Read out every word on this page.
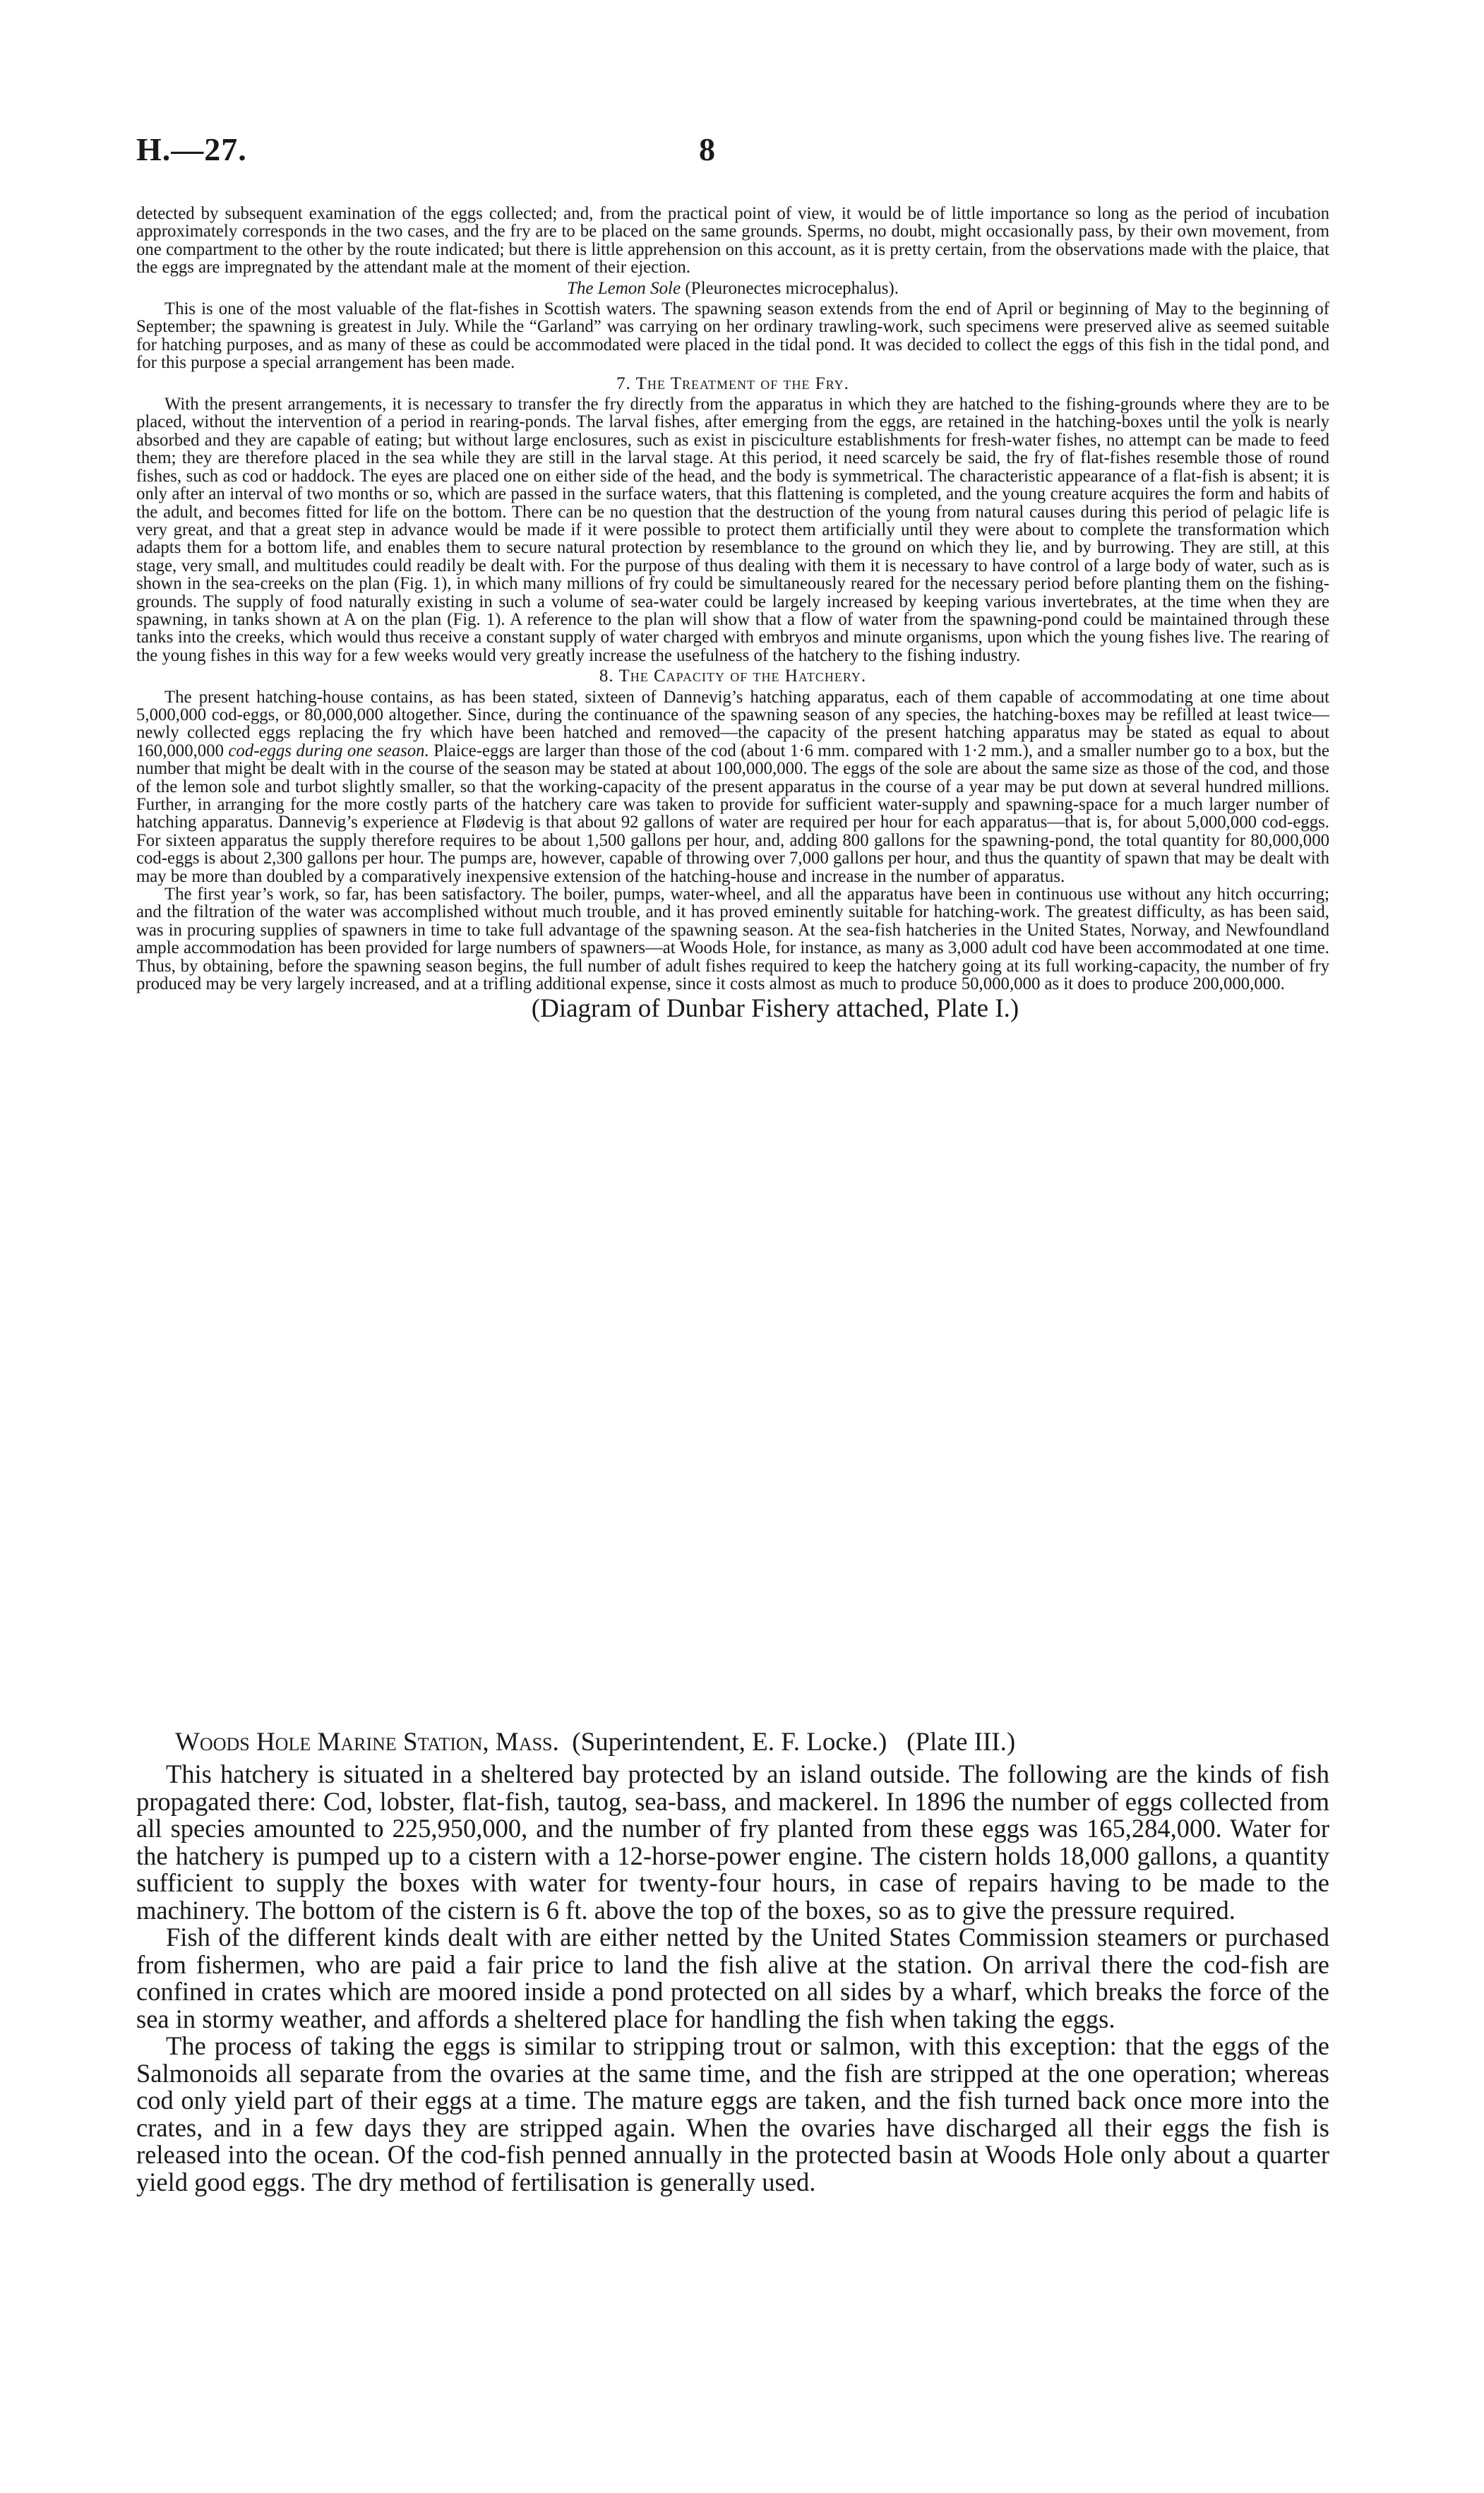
H.—27.	8

detected by subsequent examination of the eggs collected; and, from the practical point of view, it would be of little importance so long as the period of incubation approximately corresponds in the two cases, and the fry are to be placed on the same grounds. Sperms, no doubt, might occasionally pass, by their own movement, from one compartment to the other by the route indicated; but there is little apprehension on this account, as it is pretty certain, from the observations made with the plaice, that the eggs are impregnated by the attendant male at the moment of their ejection.

The Lemon Sole (Pleuronectes microcephalus).

This is one of the most valuable of the flat-fishes in Scottish waters. The spawning season extends from the end of April or beginning of May to the beginning of September; the spawning is greatest in July. While the “Garland” was carrying on her ordinary trawling-work, such specimens were preserved alive as seemed suitable for hatching purposes, and as many of these as could be accommodated were placed in the tidal pond. It was decided to collect the eggs of this fish in the tidal pond, and for this purpose a special arrangement has been made.

7. The Treatment of the Fry.

With the present arrangements, it is necessary to transfer the fry directly from the apparatus in which they are hatched to the fishing-grounds where they are to be placed, without the intervention of a period in rearing-ponds. The larval fishes, after emerging from the eggs, are retained in the hatching-boxes until the yolk is nearly absorbed and they are capable of eating; but without large enclosures, such as exist in pisciculture establishments for fresh-water fishes, no attempt can be made to feed them; they are therefore placed in the sea while they are still in the larval stage. At this period, it need scarcely be said, the fry of flat-fishes resemble those of round fishes, such as cod or haddock. The eyes are placed one on either side of the head, and the body is symmetrical. The characteristic appearance of a flat-fish is absent; it is only after an interval of two months or so, which are passed in the surface waters, that this flattening is completed, and the young creature acquires the form and habits of the adult, and becomes fitted for life on the bottom. There can be no question that the destruction of the young from natural causes during this period of pelagic life is very great, and that a great step in advance would be made if it were possible to protect them artificially until they were about to complete the transformation which adapts them for a bottom life, and enables them to secure natural protection by resemblance to the ground on which they lie, and by burrowing. They are still, at this stage, very small, and multitudes could readily be dealt with. For the purpose of thus dealing with them it is necessary to have control of a large body of water, such as is shown in the sea-creeks on the plan (Fig. 1), in which many millions of fry could be simultaneously reared for the necessary period before planting them on the fishing-grounds. The supply of food naturally existing in such a volume of sea-water could be largely increased by keeping various invertebrates, at the time when they are spawning, in tanks shown at A on the plan (Fig. 1). A reference to the plan will show that a flow of water from the spawning-pond could be maintained through these tanks into the creeks, which would thus receive a constant supply of water charged with embryos and minute organisms, upon which the young fishes live. The rearing of the young fishes in this way for a few weeks would very greatly increase the usefulness of the hatchery to the fishing industry.

8. The Capacity of the Hatchery.

The present hatching-house contains, as has been stated, sixteen of Dannevig’s hatching apparatus, each of them capable of accommodating at one time about 5,000,000 cod-eggs, or 80,000,000 altogether. Since, during the continuance of the spawning season of any species, the hatching-boxes may be refilled at least twice—newly collected eggs replacing the fry which have been hatched and removed—the capacity of the present hatching apparatus may be stated as equal to about 160,000,000 cod-eggs during one season. Plaice-eggs are larger than those of the cod (about 1·6 mm. compared with 1·2 mm.), and a smaller number go to a box, but the number that might be dealt with in the course of the season may be stated at about 100,000,000. The eggs of the sole are about the same size as those of the cod, and those of the lemon sole and turbot slightly smaller, so that the working-capacity of the present apparatus in the course of a year may be put down at several hundred millions. Further, in arranging for the more costly parts of the hatchery care was taken to provide for sufficient water-supply and spawning-space for a much larger number of hatching apparatus. Dannevig’s experience at Flødevig is that about 92 gallons of water are required per hour for each apparatus—that is, for about 5,000,000 cod-eggs. For sixteen apparatus the supply therefore requires to be about 1,500 gallons per hour, and, adding 800 gallons for the spawning-pond, the total quantity for 80,000,000 cod-eggs is about 2,300 gallons per hour. The pumps are, however, capable of throwing over 7,000 gallons per hour, and thus the quantity of spawn that may be dealt with may be more than doubled by a comparatively inexpensive extension of the hatching-house and increase in the number of apparatus.

The first year’s work, so far, has been satisfactory. The boiler, pumps, water-wheel, and all the apparatus have been in continuous use without any hitch occurring; and the filtration of the water was accomplished without much trouble, and it has proved eminently suitable for hatching-work. The greatest difficulty, as has been said, was in procuring supplies of spawners in time to take full advantage of the spawning season. At the sea-fish hatcheries in the United States, Norway, and Newfoundland ample accommodation has been provided for large numbers of spawners—at Woods Hole, for instance, as many as 3,000 adult cod have been accommodated at one time. Thus, by obtaining, before the spawning season begins, the full number of adult fishes required to keep the hatchery going at its full working-capacity, the number of fry produced may be very largely increased, and at a trifling additional expense, since it costs almost as much to produce 50,000,000 as it does to produce 200,000,000.

(Diagram of Dunbar Fishery attached, Plate I.)
Woods Hole Marine Station, Mass.  (Superintendent, E. F. Locke.)   (Plate III.)

This hatchery is situated in a sheltered bay protected by an island outside. The following are the kinds of fish propagated there: Cod, lobster, flat-fish, tautog, sea-bass, and mackerel. In 1896 the number of eggs collected from all species amounted to 225,950,000, and the number of fry planted from these eggs was 165,284,000. Water for the hatchery is pumped up to a cistern with a 12-horse-power engine. The cistern holds 18,000 gallons, a quantity sufficient to supply the boxes with water for twenty-four hours, in case of repairs having to be made to the machinery. The bottom of the cistern is 6 ft. above the top of the boxes, so as to give the pressure required.

Fish of the different kinds dealt with are either netted by the United States Commission steamers or purchased from fishermen, who are paid a fair price to land the fish alive at the station. On arrival there the cod-fish are confined in crates which are moored inside a pond protected on all sides by a wharf, which breaks the force of the sea in stormy weather, and affords a sheltered place for handling the fish when taking the eggs.

The process of taking the eggs is similar to stripping trout or salmon, with this exception: that the eggs of the Salmonoids all separate from the ovaries at the same time, and the fish are stripped at the one operation; whereas cod only yield part of their eggs at a time. The mature eggs are taken, and the fish turned back once more into the crates, and in a few days they are stripped again. When the ovaries have discharged all their eggs the fish is released into the ocean. Of the cod-fish penned annually in the protected basin at Woods Hole only about a quarter yield good eggs. The dry method of fertilisation is generally used.
